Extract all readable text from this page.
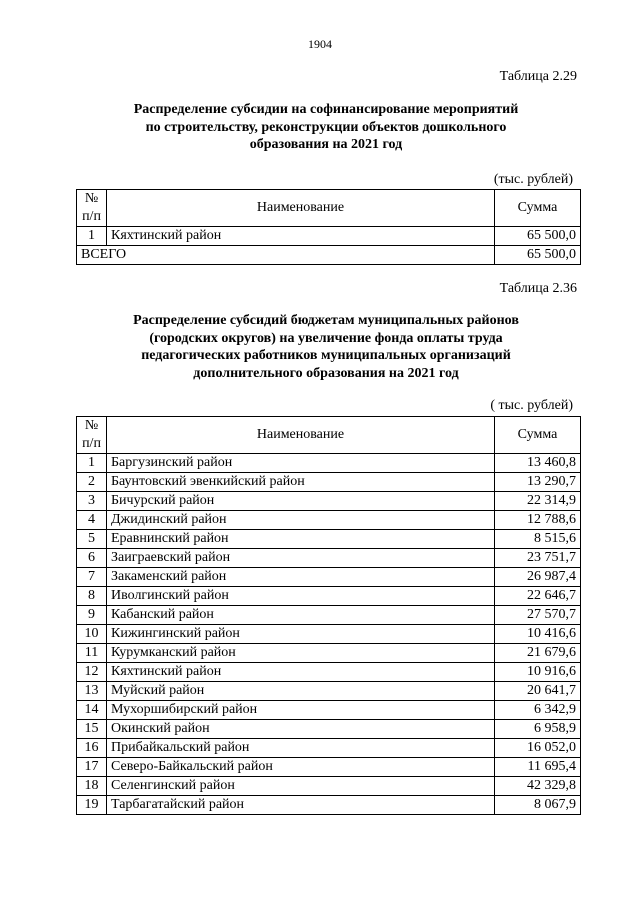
1904
Таблица 2.29
Распределение субсидии на софинансирование мероприятий
по строительству, реконструкции объектов дошкольного
образования на 2021 год
(тыс. рублей)
№
п/п	Наименование	Сумма
1	Кяхтинский район	65 500,0
ВСЕГО		65 500,0
Таблица 2.36
Распределение субсидий бюджетам муниципальных районов
(городских округов) на увеличение фонда оплаты труда
педагогических работников муниципальных организаций
дополнительного образования на 2021 год
( тыс. рублей)
№
п/п	Наименование	Сумма
1	Баргузинский район	13 460,8
2	Баунтовский эвенкийский район	13 290,7
3	Бичурский район	22 314,9
4	Джидинский район	12 788,6
5	Еравнинский район	8 515,6
6	Заиграевский район	23 751,7
7	Закаменский район	26 987,4
8	Иволгинский район	22 646,7
9	Кабанский район	27 570,7
10	Кижингинский район	10 416,6
11	Курумканский район	21 679,6
12	Кяхтинский район	10 916,6
13	Муйский район	20 641,7
14	Мухоршибирский район	6 342,9
15	Окинский район	6 958,9
16	Прибайкальский район	16 052,0
17	Северо-Байкальский район	11 695,4
18	Селенгинский район	42 329,8
19	Тарбагатайский район	8 067,9
